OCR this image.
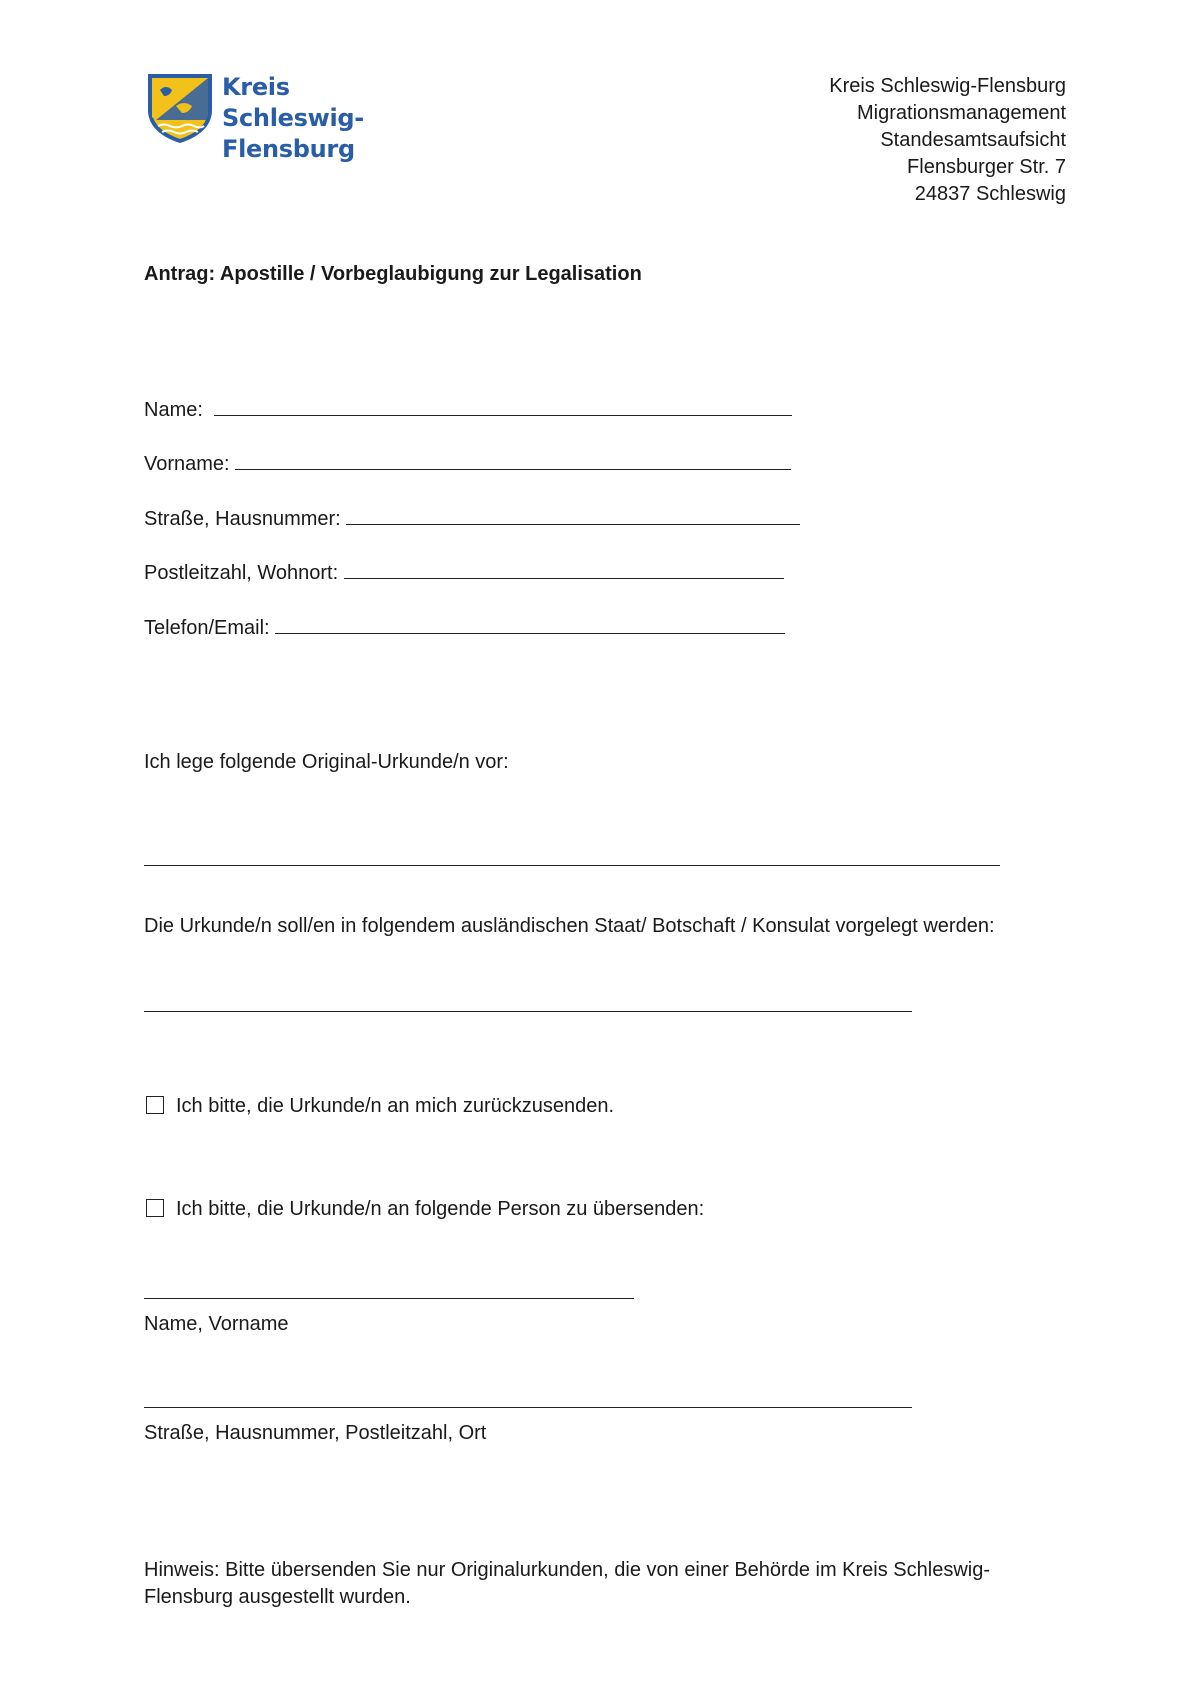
Kreis
Schleswig-Flensburg
Kreis Schleswig-Flensburg
Migrationsmanagement
Standesamtsaufsicht
Flensburger Str. 7
24837 Schleswig
Antrag: Apostille / Vorbeglaubigung zur Legalisation
Name:
Vorname:
Straße, Hausnummer:
Postleitzahl, Wohnort:
Telefon/Email:
Ich lege folgende Original-Urkunde/n vor:
Die Urkunde/n soll/en in folgendem ausländischen Staat/ Botschaft / Konsulat vorgelegt werden:
Ich bitte, die Urkunde/n an mich zurückzusenden.
Ich bitte, die Urkunde/n an folgende Person zu übersenden:
Name, Vorname
Straße, Hausnummer, Postleitzahl, Ort
Hinweis: Bitte übersenden Sie nur Originalurkunden, die von einer Behörde im Kreis Schleswig-
Flensburg ausgestellt wurden.
